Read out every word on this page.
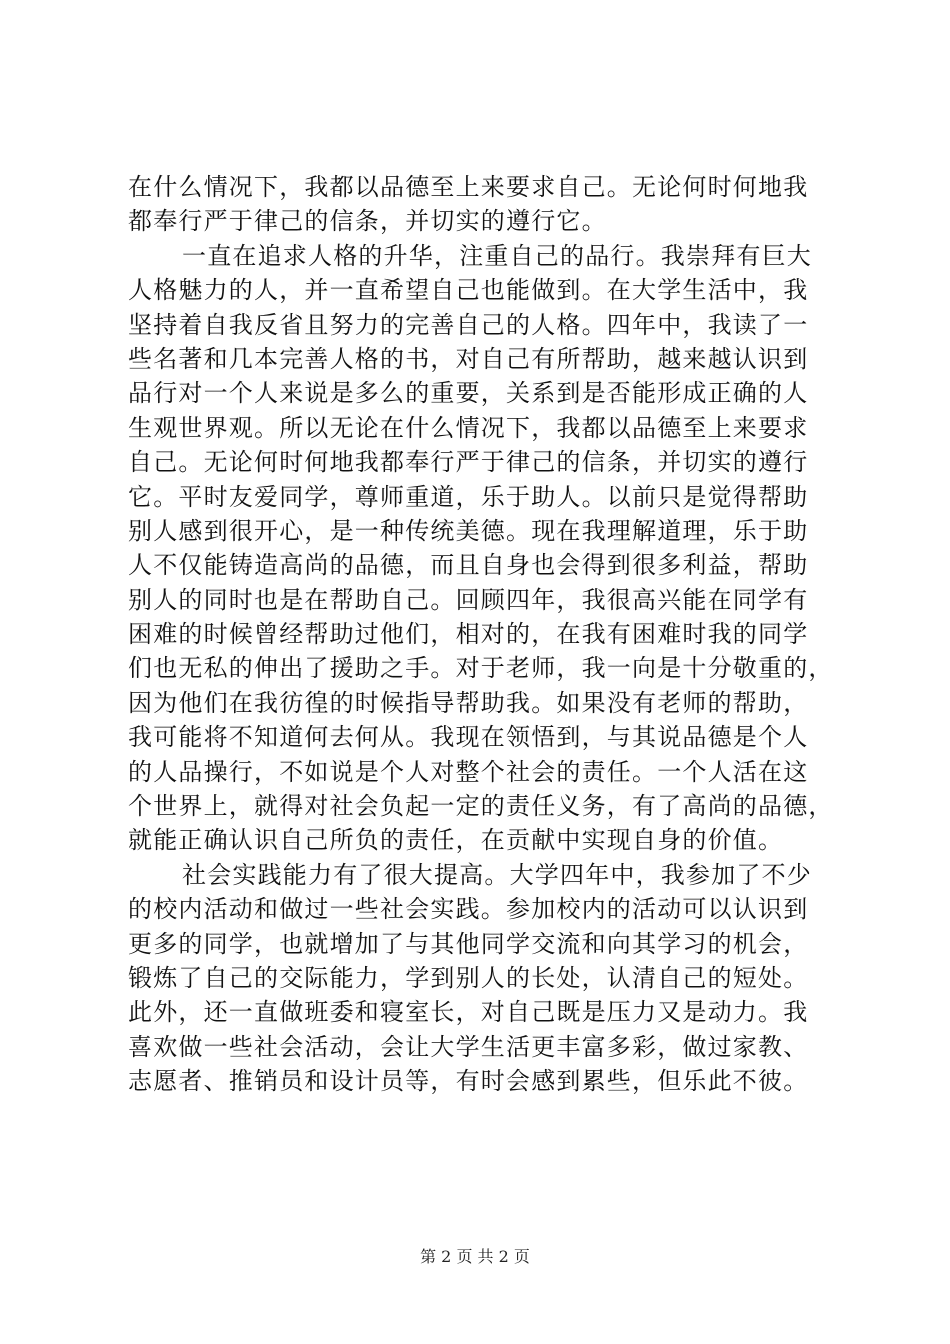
在什么情况下，我都以品德至上来要求自己。无论何时何地我
都奉行严于律己的信条，并切实的遵行它。
一直在追求人格的升华，注重自己的品行。我崇拜有巨大
人格魅力的人，并一直希望自己也能做到。在大学生活中，我
坚持着自我反省且努力的完善自己的人格。四年中，我读了一
些名著和几本完善人格的书，对自己有所帮助，越来越认识到
品行对一个人来说是多么的重要，关系到是否能形成正确的人
生观世界观。所以无论在什么情况下，我都以品德至上来要求
自己。无论何时何地我都奉行严于律己的信条，并切实的遵行
它。平时友爱同学，尊师重道，乐于助人。以前只是觉得帮助
别人感到很开心，是一种传统美德。现在我理解道理，乐于助
人不仅能铸造高尚的品德，而且自身也会得到很多利益，帮助
别人的同时也是在帮助自己。回顾四年，我很高兴能在同学有
困难的时候曾经帮助过他们，相对的，在我有困难时我的同学
们也无私的伸出了援助之手。对于老师，我一向是十分敬重的，
因为他们在我彷徨的时候指导帮助我。如果没有老师的帮助，
我可能将不知道何去何从。我现在领悟到，与其说品德是个人
的人品操行，不如说是个人对整个社会的责任。一个人活在这
个世界上，就得对社会负起一定的责任义务，有了高尚的品德，
就能正确认识自己所负的责任，在贡献中实现自身的价值。
社会实践能力有了很大提高。大学四年中，我参加了不少
的校内活动和做过一些社会实践。参加校内的活动可以认识到
更多的同学，也就增加了与其他同学交流和向其学习的机会，
锻炼了自己的交际能力，学到别人的长处，认清自己的短处。
此外，还一直做班委和寝室长，对自己既是压力又是动力。我
喜欢做一些社会活动，会让大学生活更丰富多彩，做过家教、
志愿者、推销员和设计员等，有时会感到累些，但乐此不彼。
第 2 页 共 2 页
